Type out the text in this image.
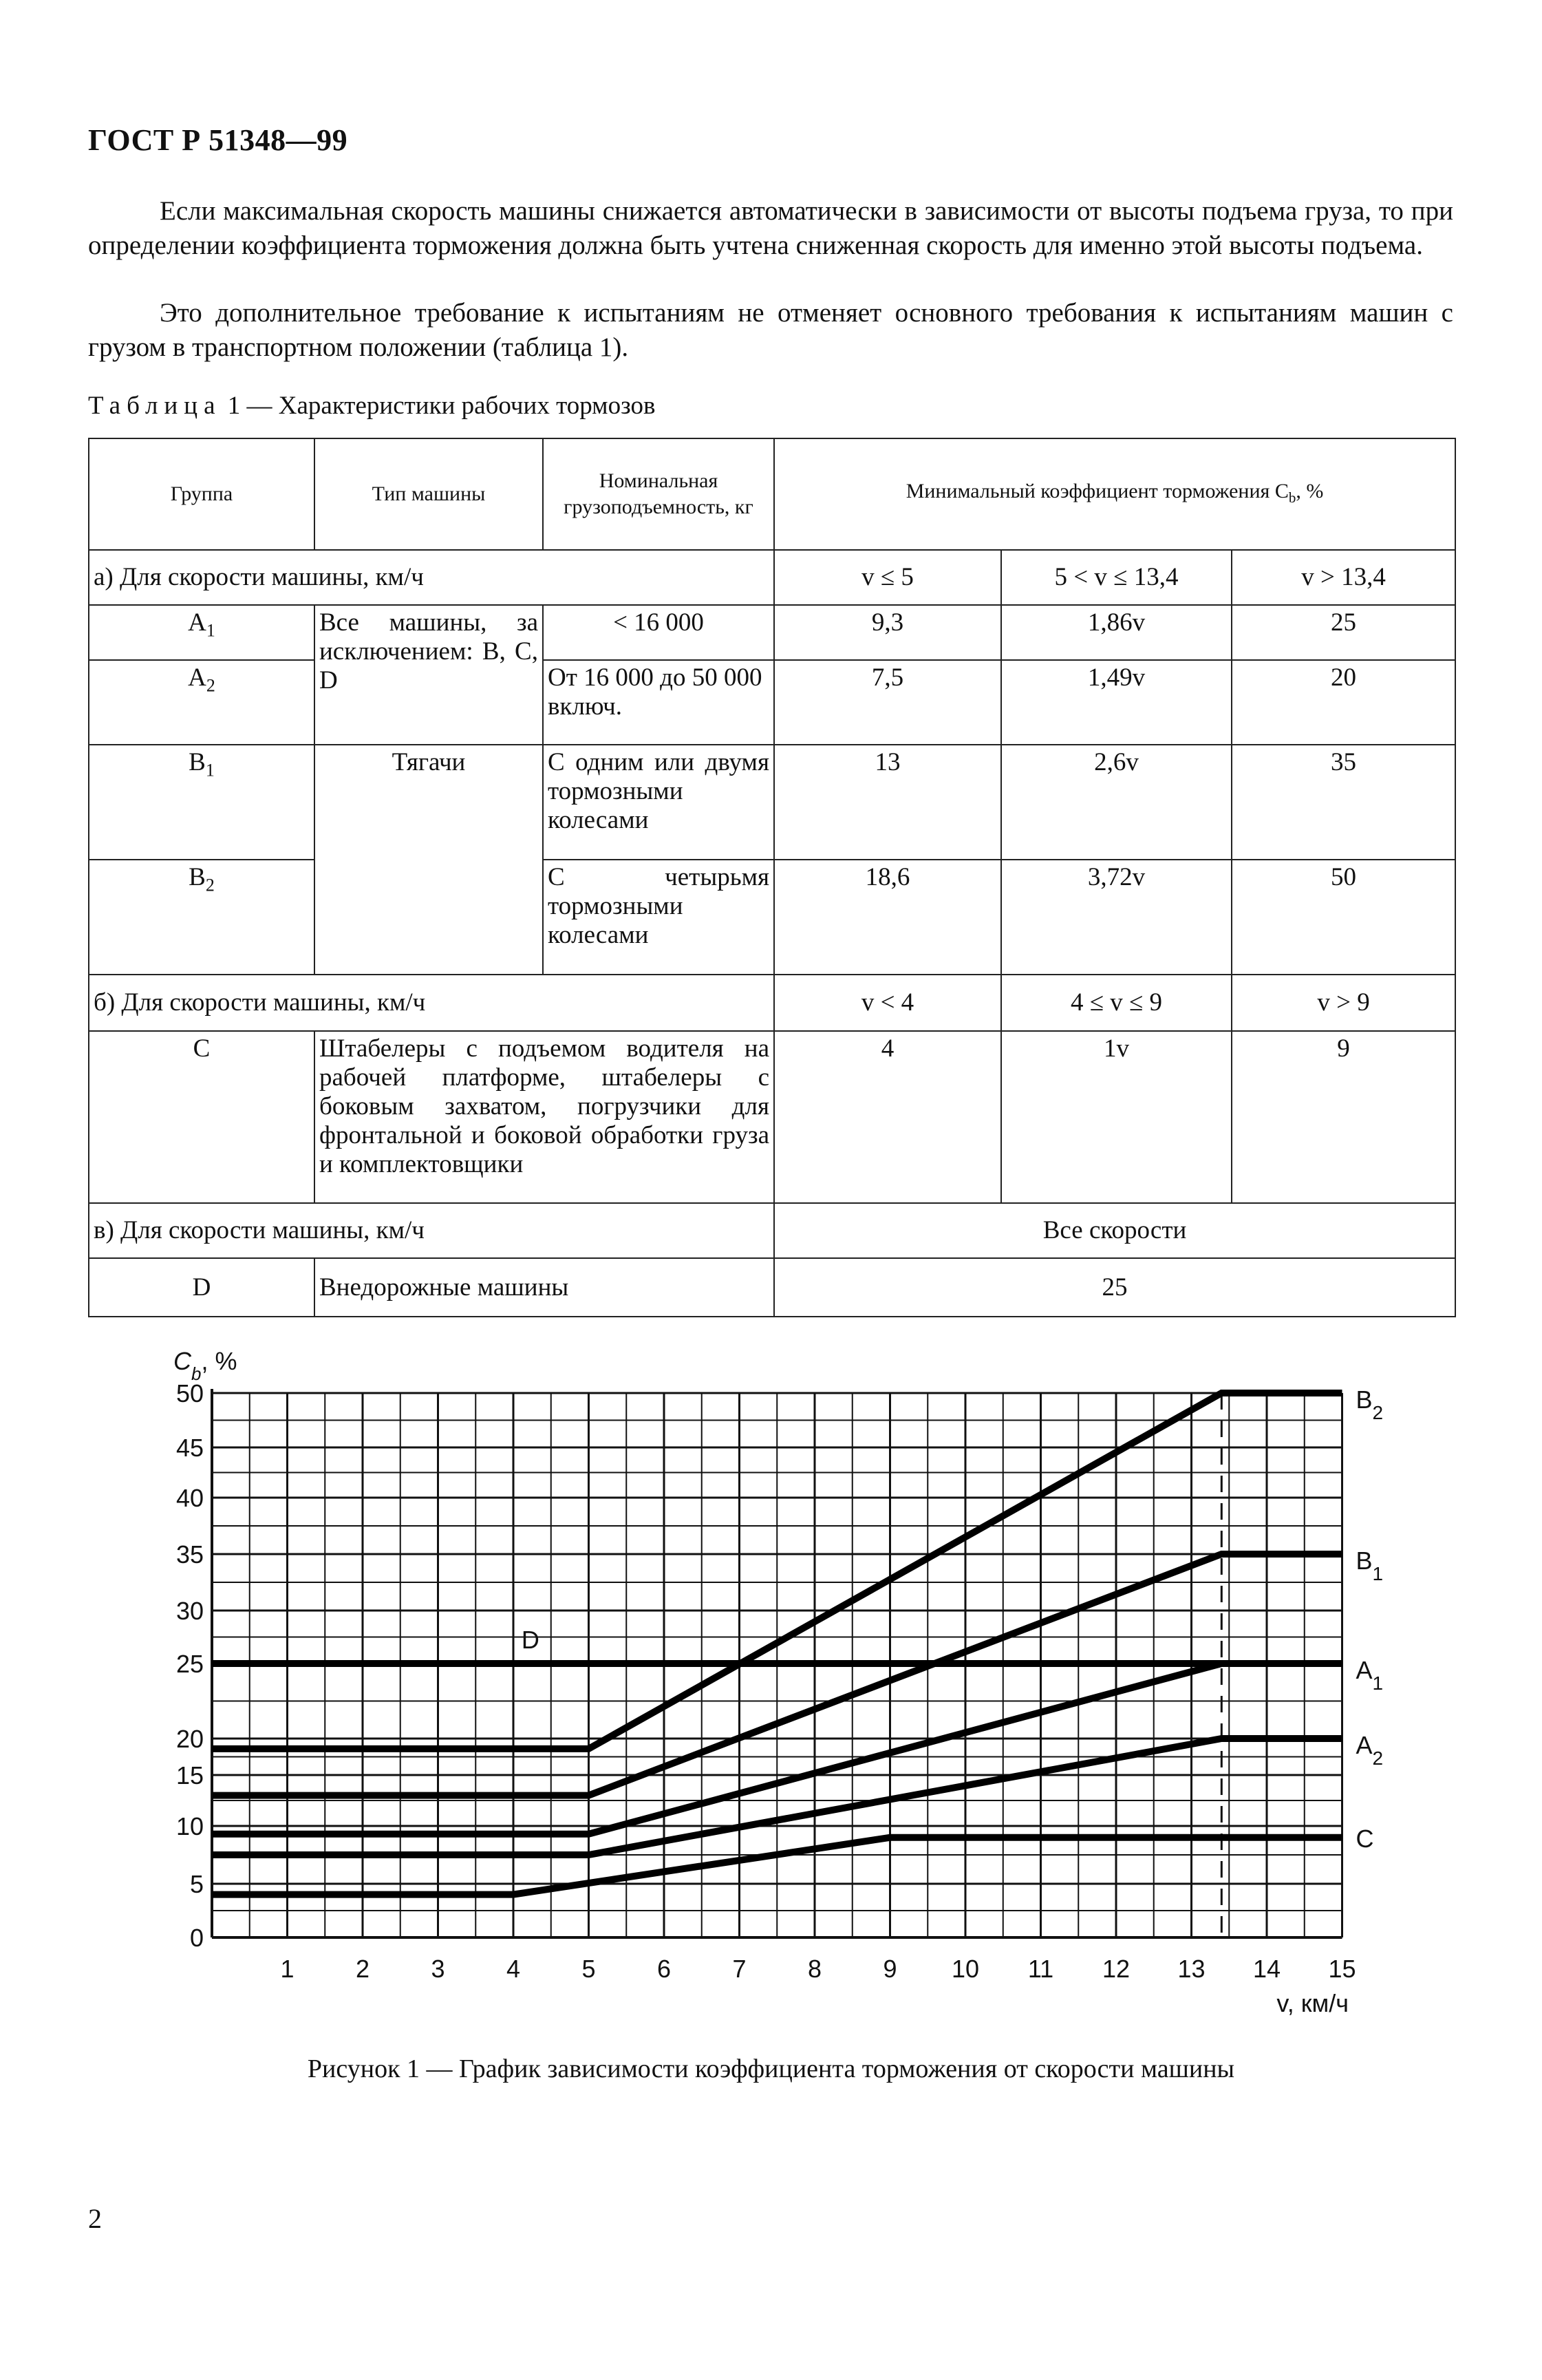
ГОСТ Р 51348—99

Если максимальная скорость машины снижается автоматически в зависимости от высоты подъема груза, то при определении коэффициента торможения должна быть учтена сниженная скорость для именно этой высоты подъема.

Это дополнительное требование к испытаниям не отменяет основного требования к испытаниям машин с грузом в транспортном положении (таблица 1).

Таблица 1 — Характеристики рабочих тормозов
Группа	Тип машины	Номинальная грузоподъемность, кг	Минимальный коэффициент торможения $C_b$, %		
а) Для скорости машины, км/ч			v ≤ 5	5 < v ≤ 13,4	v > 13,4
$A_1$	Все машины, за исключением: B, C, D	< 16 000	9,3	1,86v	25
$A_2$		От 16 000 до 50 000 включ.	7,5	1,49v	20
$B_1$	Тягачи	С одним или двумя тормозными колесами	13	2,6v	35
$B_2$		С четырьмя тормозными колесами	18,6	3,72v	50
б) Для скорости машины, км/ч			v < 4	4 ≤ v ≤ 9	v > 9
C	Штабелеры с подъемом водителя на рабочей платформе, штабелеры с боковым захватом, погрузчики для фронтальной и боковой обработки груза и комплектовщики		4	1v	9
в) Для скорости машины, км/ч			Все скорости		
D	Внедорожные машины		25		
0
5
10
15
20
25
30
35
40
45
50
1 2 3 4 5 6 7 8 9 10 11 12 13 14 15
$C_b$, %
v, км/ч
$B_2$
$B_1$
$A_1$
$A_2$
C
D
Рисунок 1 — График зависимости коэффициента торможения от скорости машины
2
